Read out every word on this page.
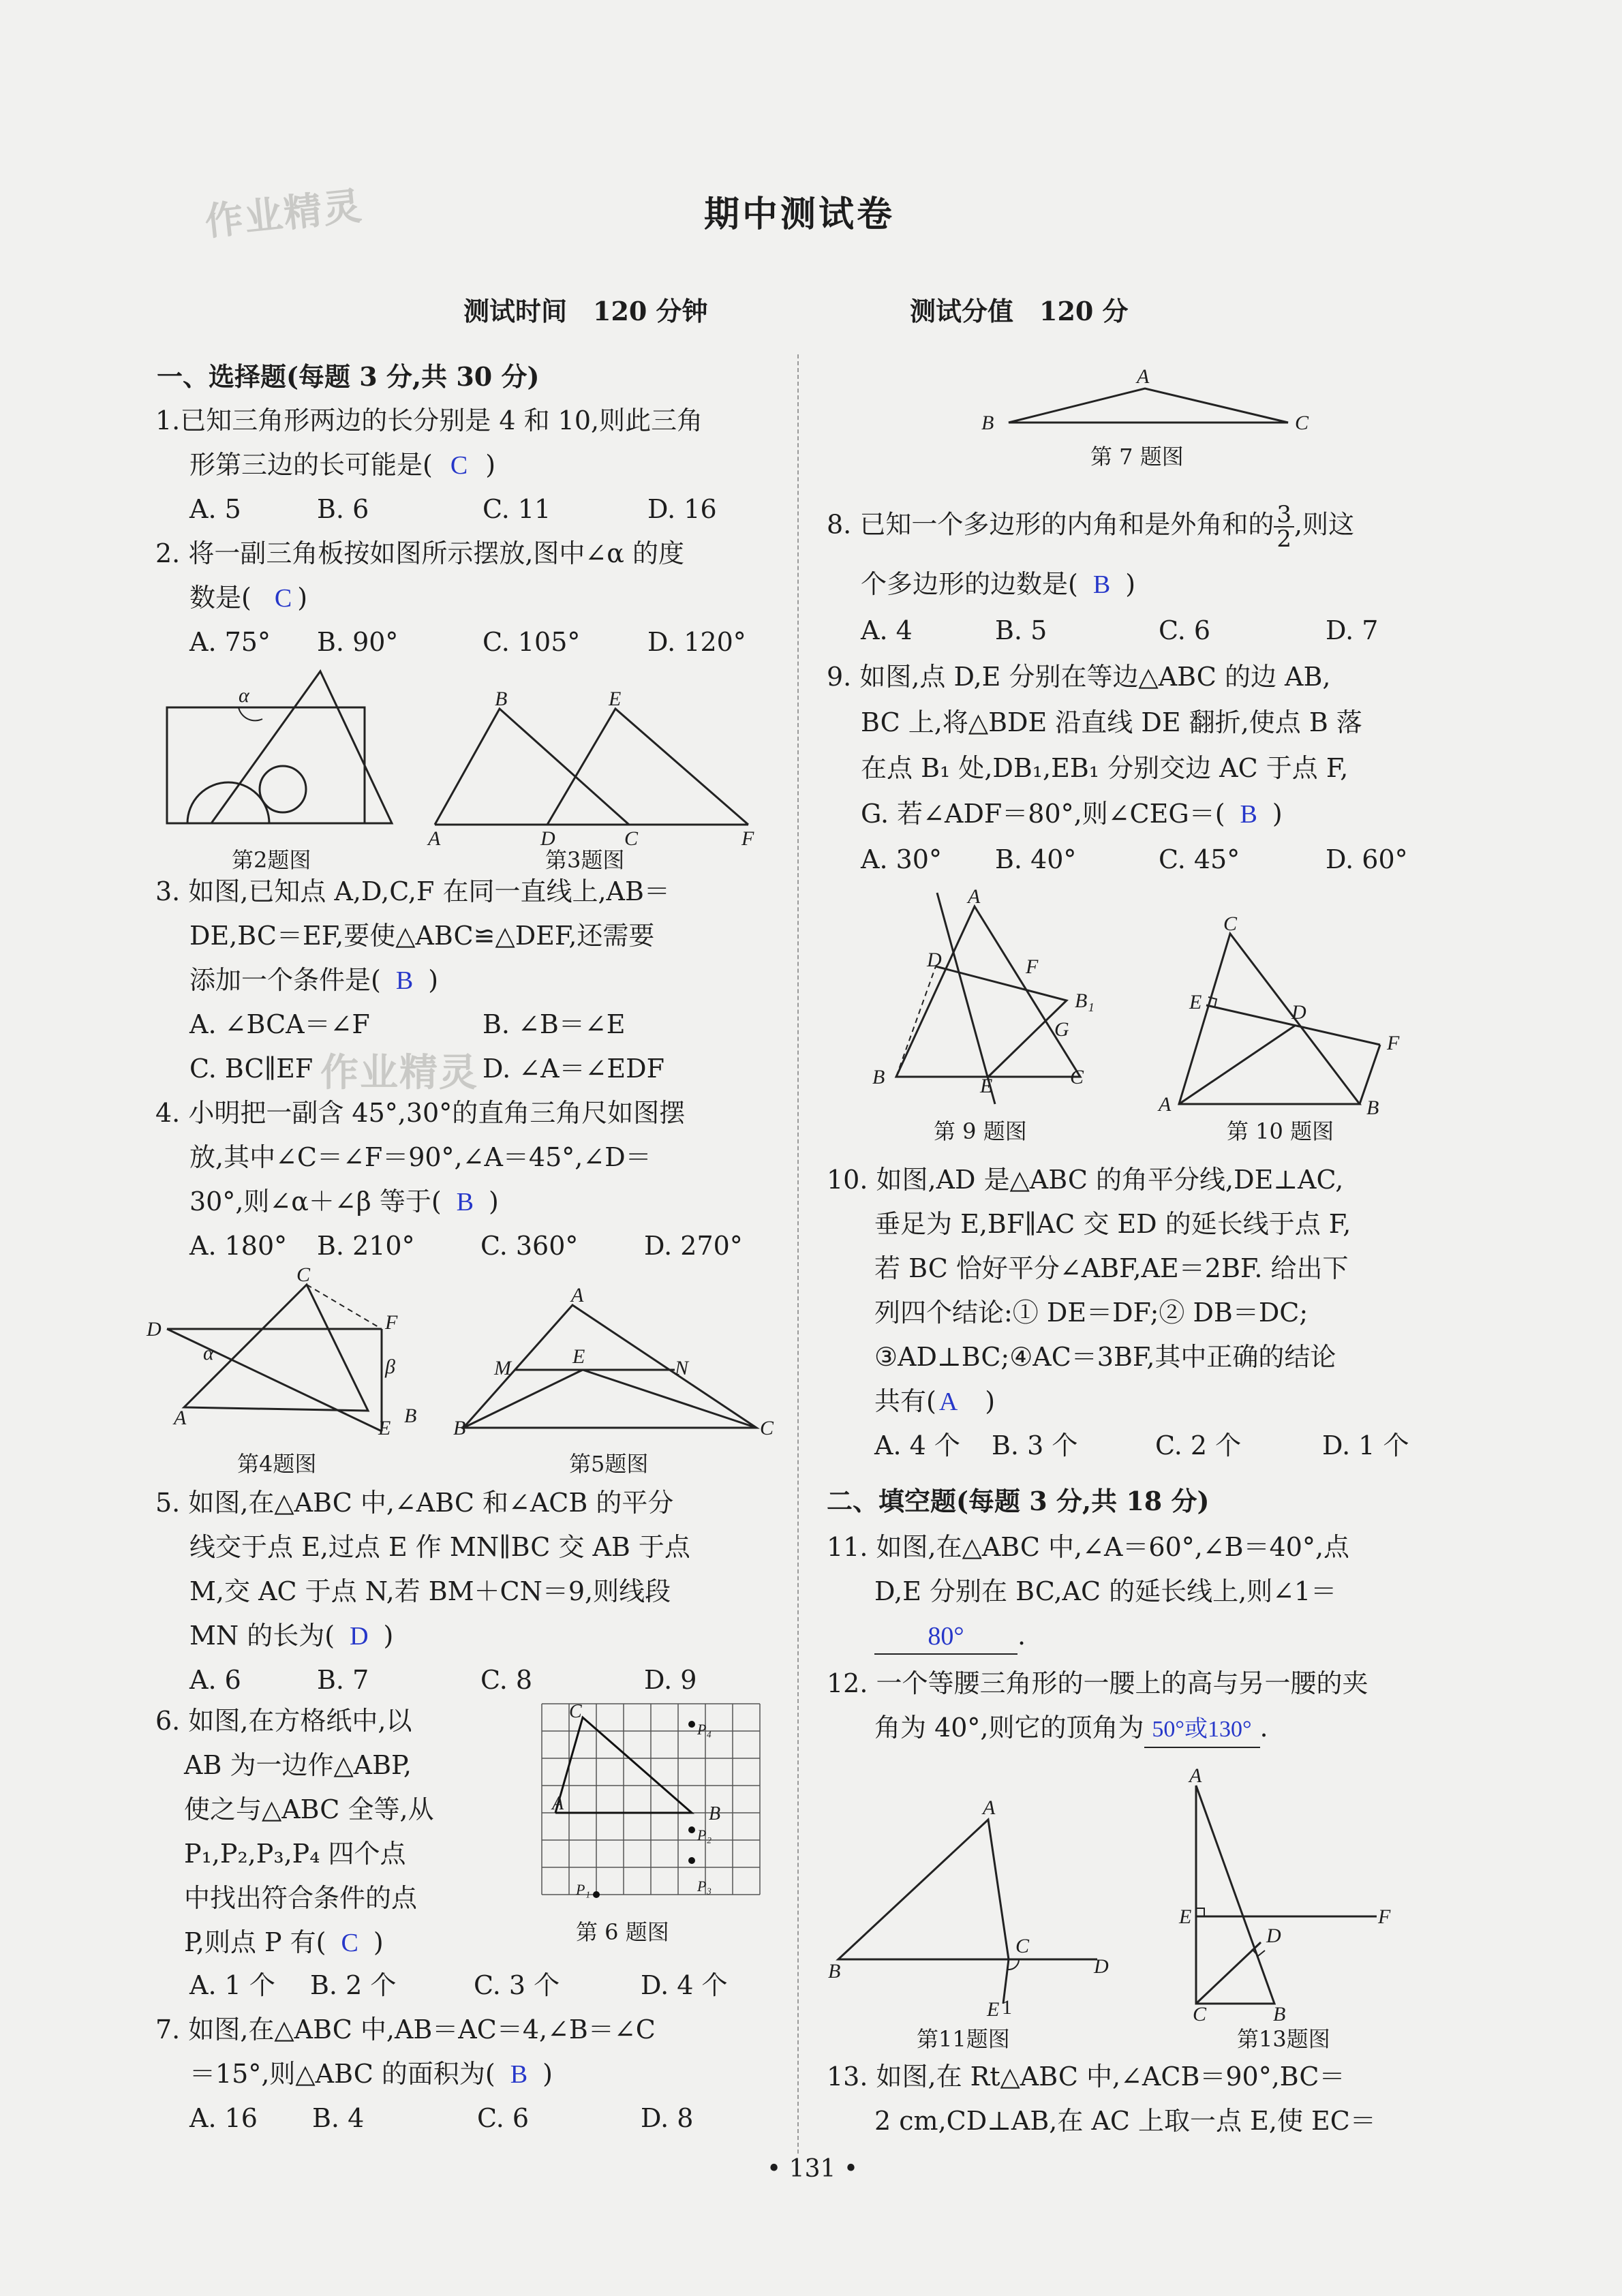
作业精灵
作业精灵
期中测试卷
测试时间　120 分钟	测试分值　120 分
一、选择题(每题 3 分,共 30 分)
1.已知三角形两边的长分别是 4 和 10,则此三角
形第三边的长可能是( C )
A. 5	B. 6	C. 11	D. 16
2. 将一副三角板按如图所示摆放,图中∠α 的度
数是( C )
A. 75° B. 90°	C. 105°	D. 120°
α
第2题图
B	E
A	D	C	F
第3题图
3. 如图,已知点 A,D,C,F 在同一直线上,AB＝
DE,BC＝EF,要使△ABC≌△DEF,还需要
添加一个条件是( B )
A. ∠BCA＝∠F	B. ∠B＝∠E
C. BC∥EF	D. ∠A＝∠EDF
4. 小明把一副含 45°,30°的直角三角尺如图摆
放,其中∠C＝∠F＝90°,∠A＝45°,∠D＝
30°,则∠α＋∠β 等于( B )
A. 180° B. 210°	C. 360°	D. 270°
C
D	F
α
β
A	E
B
第4题图
A
M
E
N
B	C
第5题图
5. 如图,在△ABC 中,∠ABC 和∠ACB 的平分
线交于点 E,过点 E 作 MN∥BC 交 AB 于点
M,交 AC 于点 N,若 BM＋CN＝9,则线段
MN 的长为( D )
A. 6	B. 7	C. 8	D. 9
6. 如图,在方格纸中,以
AB 为一边作△ABP,
使之与△ABC 全等,从
P₁,P₂,P₃,P₄ 四个点
中找出符合条件的点
P,则点 P 有( C )
C
A	B
P₄
P₂
P₃
P₁
第 6 题图
A. 1 个 B. 2 个	C. 3 个	D. 4 个
7. 如图,在△ABC 中,AB＝AC＝4,∠B＝∠C
＝15°,则△ABC 的面积为( B )
A. 16 B. 4	C. 6	D. 8
A
B	C
第 7 题图
8. 已知一个多边形的内角和是外角和的 $\frac{3}{2}$ ,则这
个多边形的边数是( B )
A. 4	B. 5	C. 6	D. 7
9. 如图,点 D,E 分别在等边△ABC 的边 AB,
BC 上,将△BDE 沿直线 DE 翻折,使点 B 落
在点 B₁ 处,DB₁,EB₁ 分别交边 AC 于点 F,
G. 若∠ADF＝80°,则∠CEG＝( B )
A. 30° B. 40°	C. 45°	D. 60°
A
D	F
B₁
G
B	E	C
第 9 题图
C
E	D
F
A	B
第 10 题图
10. 如图,AD 是△ABC 的角平分线,DE⊥AC,
垂足为 E,BF∥AC 交 ED 的延长线于点 F,
若 BC 恰好平分∠ABF,AE＝2BF. 给出下
列四个结论:① DE＝DF;② DB＝DC;
③AD⊥BC;④AC＝3BF,其中正确的结论
共有( A )
A. 4 个 B. 3 个	C. 2 个	D. 1 个
二、填空题(每题 3 分,共 18 分)
11. 如图,在△ABC 中,∠A＝60°,∠B＝40°,点
D,E 分别在 BC,AC 的延长线上,则∠1＝
80° .
12. 一个等腰三角形的一腰上的高与另一腰的夹
角为 40°,则它的顶角为 50°或130° .
A
B
C
D
1
E
第11题图
A
E	F
D
C	B
第13题图
13. 如图,在 Rt△ABC 中,∠ACB＝90°,BC＝
2 cm,CD⊥AB,在 AC 上取一点 E,使 EC＝
• 131 •
